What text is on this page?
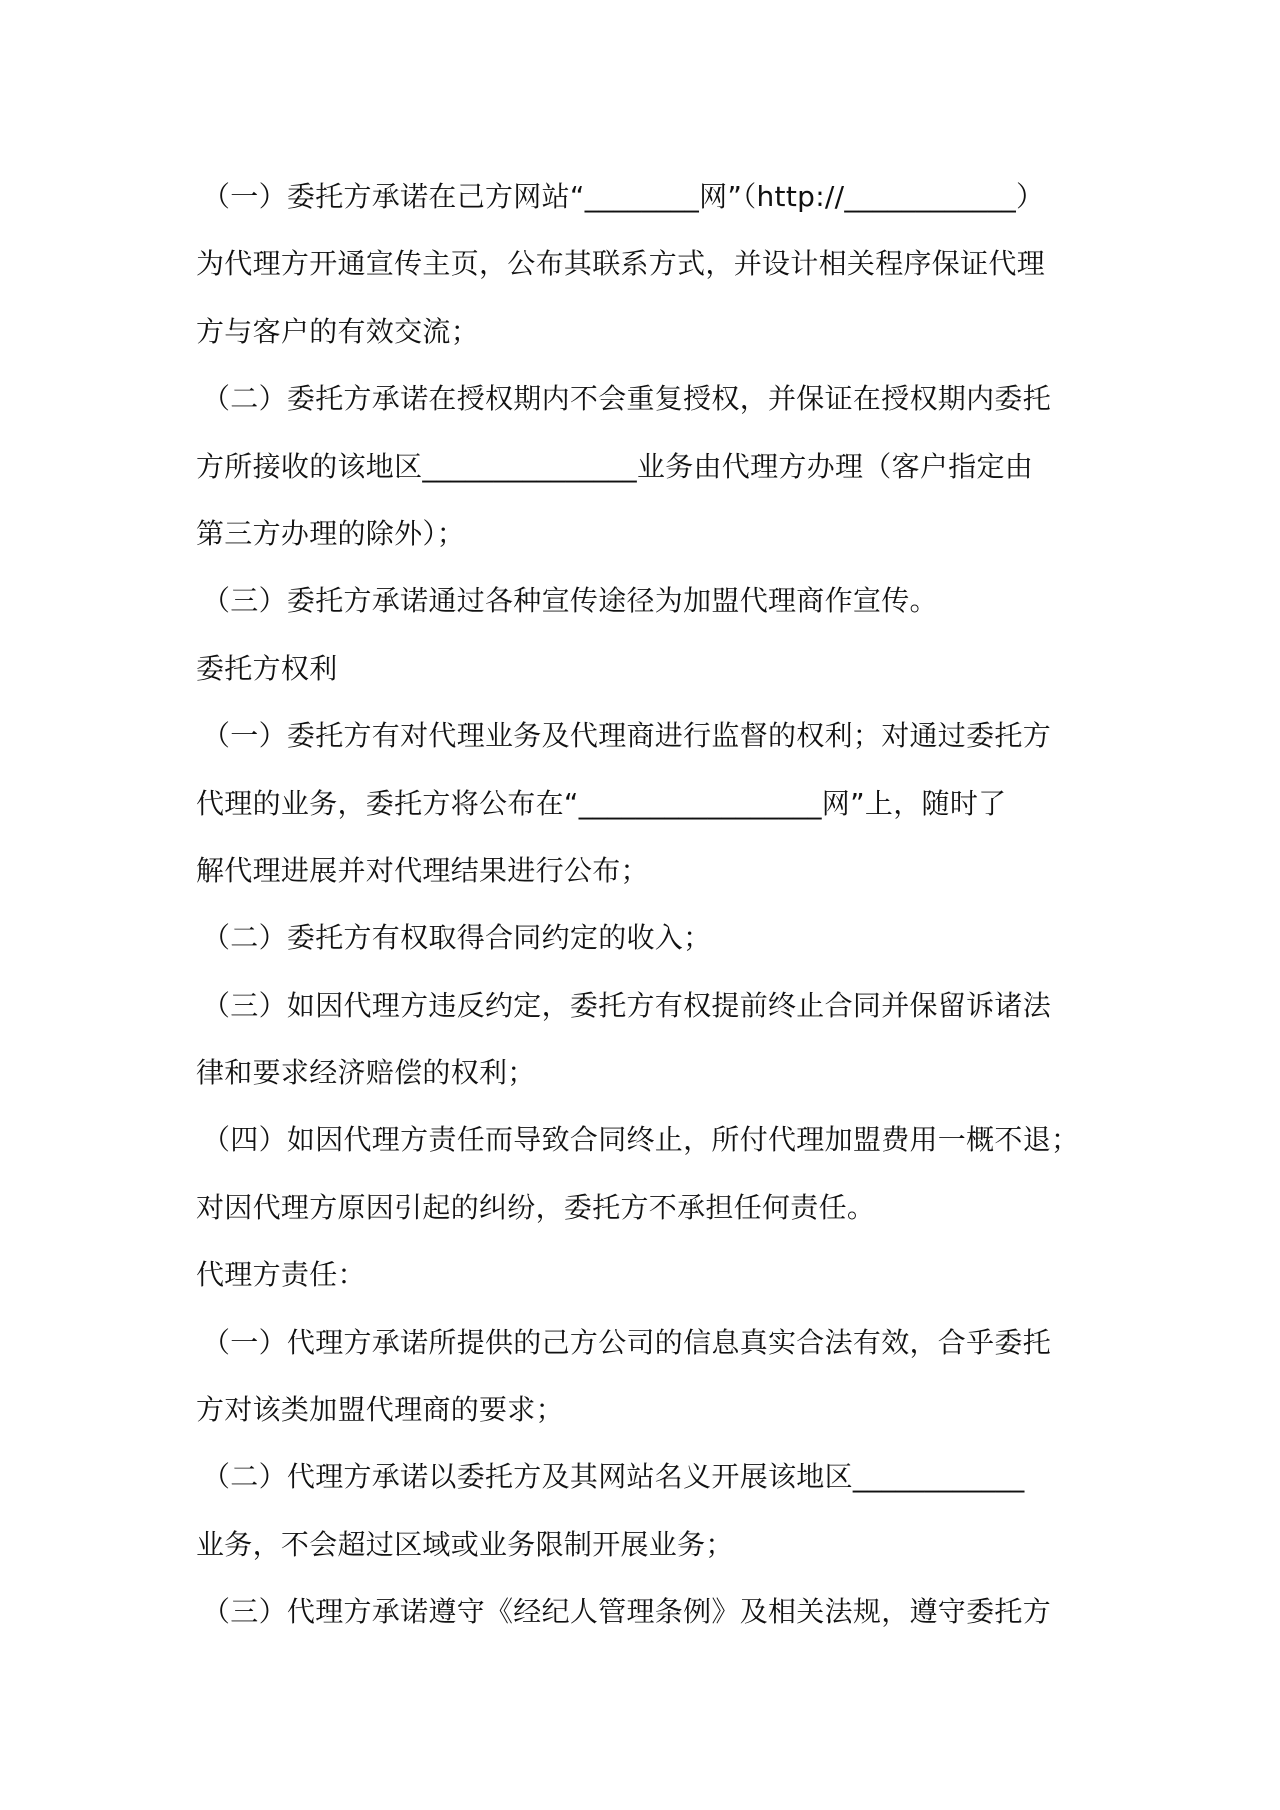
（一）委托方承诺在己方网站“________网”（http://____________）
为代理方开通宣传主页，公布其联系方式，并设计相关程序保证代理
方与客户的有效交流；
（二）委托方承诺在授权期内不会重复授权，并保证在授权期内委托
方所接收的该地区_______________业务由代理方办理（客户指定由
第三方办理的除外）；
（三）委托方承诺通过各种宣传途径为加盟代理商作宣传。
委托方权利
（一）委托方有对代理业务及代理商进行监督的权利；对通过委托方
代理的业务，委托方将公布在“_________________网”上，随时了
解代理进展并对代理结果进行公布；
（二）委托方有权取得合同约定的收入；
（三）如因代理方违反约定，委托方有权提前终止合同并保留诉诸法
律和要求经济赔偿的权利；
（四）如因代理方责任而导致合同终止，所付代理加盟费用一概不退；
对因代理方原因引起的纠纷，委托方不承担任何责任。
代理方责任：
（一）代理方承诺所提供的己方公司的信息真实合法有效，合乎委托
方对该类加盟代理商的要求；
（二）代理方承诺以委托方及其网站名义开展该地区____________
业务，不会超过区域或业务限制开展业务；
（三）代理方承诺遵守《经纪人管理条例》及相关法规，遵守委托方
